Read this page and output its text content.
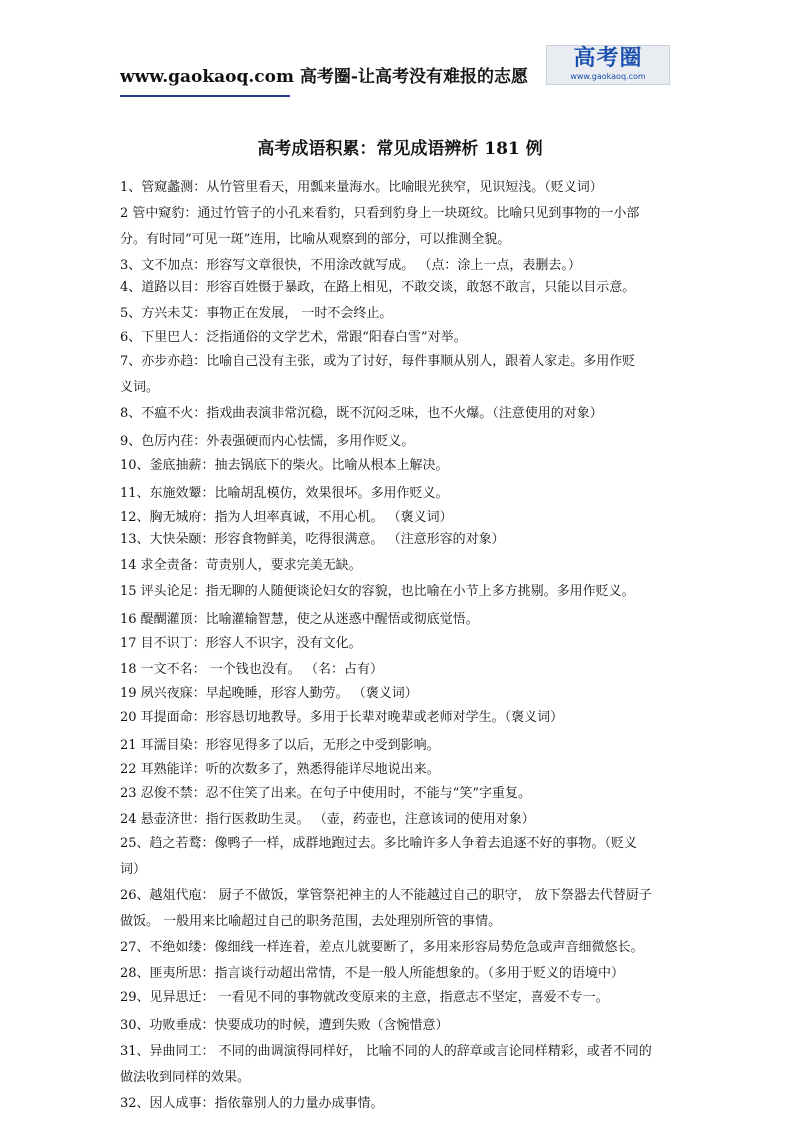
www.gaokaoq.com 高考圈-让高考没有难报的志愿
高考圈
www.gaokaoq.com
高考成语积累：常见成语辨析 181 例
1、管窥蠡测：从竹管里看天，用瓢来量海水。比喻眼光狭窄，见识短浅。（贬义词）
2 管中窥豹：通过竹管子的小孔来看豹，只看到豹身上一块斑纹。比喻只见到事物的一小部
分。有时同“可见一斑”连用，比喻从观察到的部分，可以推测全貌。
3、文不加点：形容写文章很快，不用涂改就写成。 （点：涂上一点，表删去。）
4、道路以目：形容百姓慑于暴政，在路上相见，不敢交谈，敢怒不敢言，只能以目示意。
5、方兴未艾：事物正在发展， 一时不会终止。
6、下里巴人：泛指通俗的文学艺术，常跟“阳春白雪”对举。
7、亦步亦趋：比喻自己没有主张，或为了讨好，每件事顺从别人，跟着人家走。多用作贬
义词。
8、不瘟不火：指戏曲表演非常沉稳，既不沉闷乏味，也不火爆。（注意使用的对象）
9、色厉内荏：外表强硬而内心怯懦，多用作贬义。
10、釜底抽薪：抽去锅底下的柴火。比喻从根本上解决。
11、东施效颦：比喻胡乱模仿，效果很坏。多用作贬义。
12、胸无城府：指为人坦率真诚，不用心机。 （褒义词）
13、大快朵颐：形容食物鲜美，吃得很满意。 （注意形容的对象）
14 求全责备：苛责别人，要求完美无缺。
15 评头论足：指无聊的人随便谈论妇女的容貌，也比喻在小节上多方挑剔。多用作贬义。
16 醍醐灌顶：比喻灌输智慧，使之从迷惑中醒悟或彻底觉悟。
17 目不识丁：形容人不识字，没有文化。
18 一文不名： 一个钱也没有。 （名：占有）
19 夙兴夜寐：早起晚睡，形容人勤劳。 （褒义词）
20 耳提面命：形容恳切地教导。多用于长辈对晚辈或老师对学生。（褒义词）
21 耳濡目染：形容见得多了以后，无形之中受到影响。
22 耳熟能详：听的次数多了，熟悉得能详尽地说出来。
23 忍俊不禁：忍不住笑了出来。在句子中使用时，不能与“笑”字重复。
24 悬壶济世：指行医救助生灵。 （壶，药壶也，注意该词的使用对象）
25、趋之若鹜：像鸭子一样，成群地跑过去。多比喻许多人争着去追逐不好的事物。（贬义
词）
26、越俎代庖： 厨子不做饭，掌管祭祀神主的人不能越过自己的职守， 放下祭器去代替厨子
做饭。 一般用来比喻超过自己的职务范围，去处理别所管的事情。
27、不绝如缕：像细线一样连着，差点儿就要断了，多用来形容局势危急或声音细微悠长。
28、匪夷所思：指言谈行动超出常情，不是一般人所能想象的。（多用于贬义的语境中）
29、见异思迁： 一看见不同的事物就改变原来的主意，指意志不坚定，喜爱不专一。
30、功败垂成：快要成功的时候，遭到失败（含惋惜意）
31、异曲同工： 不同的曲调演得同样好， 比喻不同的人的辞章或言论同样精彩，或者不同的
做法收到同样的效果。
32、因人成事：指依靠别人的力量办成事情。
